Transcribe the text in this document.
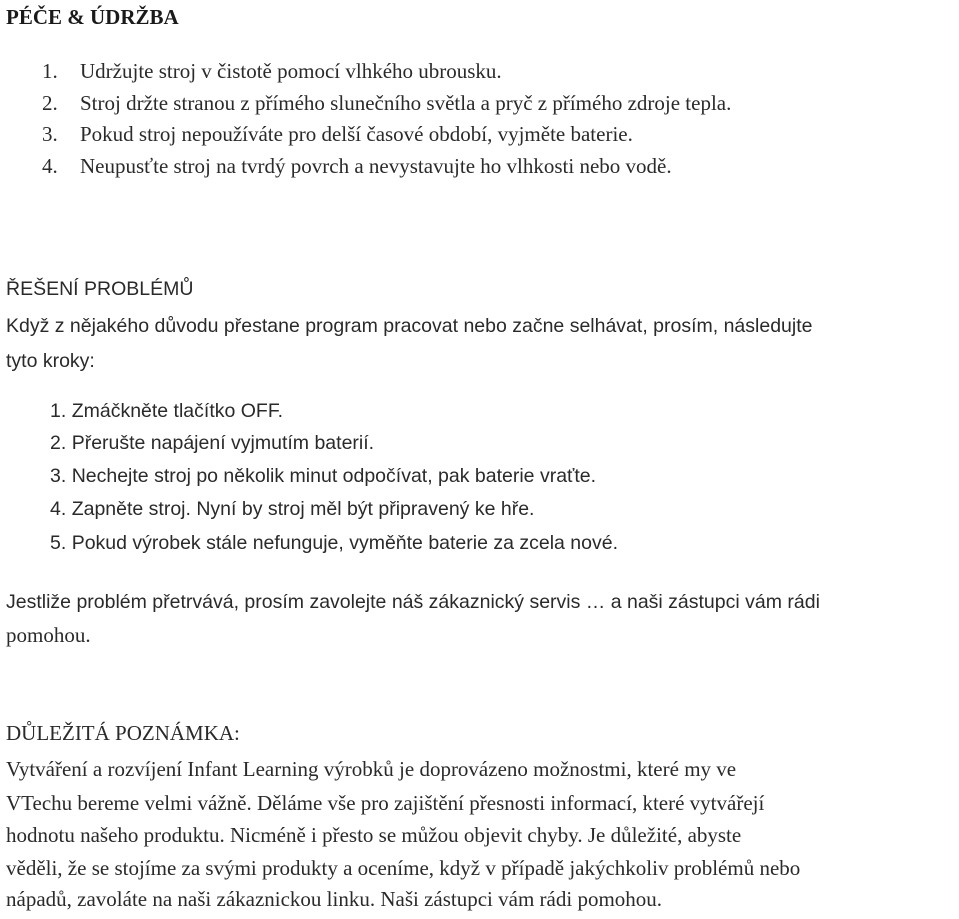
PÉČE & ÚDRŽBA
1. Udržujte stroj v čistotě pomocí vlhkého ubrousku.
2. Stroj držte stranou z přímého slunečního světla a pryč z přímého zdroje tepla.
3. Pokud stroj nepoužíváte pro delší časové období, vyjměte baterie.
4. Neupusťte stroj na tvrdý povrch a nevystavujte ho vlhkosti nebo vodě.
ŘEŠENÍ PROBLÉMŮ
Když z nějakého důvodu přestane program pracovat nebo začne selhávat, prosím, následujte
tyto kroky:
1. Zmáčkněte tlačítko OFF.
2. Přerušte napájení vyjmutím baterií.
3. Nechejte stroj po několik minut odpočívat, pak baterie vraťte.
4. Zapněte stroj. Nyní by stroj měl být připravený ke hře.
5. Pokud výrobek stále nefunguje, vyměňte baterie za zcela nové.
Jestliže problém přetrvává, prosím zavolejte náš zákaznický servis … a naši zástupci vám rádi
pomohou.
DŮLEŽITÁ POZNÁMKA:
Vytváření a rozvíjení Infant Learning výrobků je doprovázeno možnostmi, které my ve
VTechu bereme velmi vážně. Děláme vše pro zajištění přesnosti informací, které vytvářejí
hodnotu našeho produktu. Nicméně i přesto se můžou objevit chyby. Je důležité, abyste
věděli, že se stojíme za svými produkty a oceníme, když v případě jakýchkoliv problémů nebo
nápadů, zavoláte na naši zákaznickou linku. Naši zástupci vám rádi pomohou.
